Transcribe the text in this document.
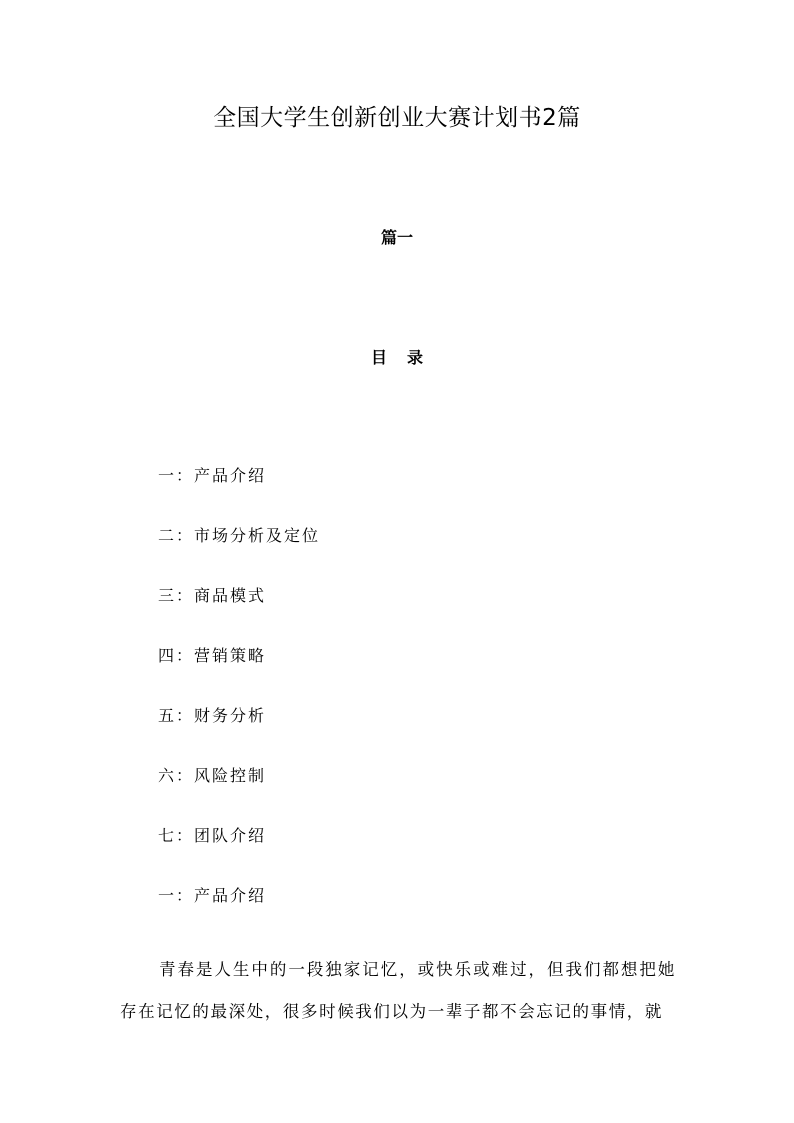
全国大学生创新创业大赛计划书2篇
篇一
目录
一：产品介绍
二：市场分析及定位
三：商品模式
四：营销策略
五：财务分析
六：风险控制
七：团队介绍
一：产品介绍

青春是人生中的一段独家记忆，或快乐或难过，但我们都想把她存在记忆的最深处，很多时候我们以为一辈子都不会忘记的事情，就
